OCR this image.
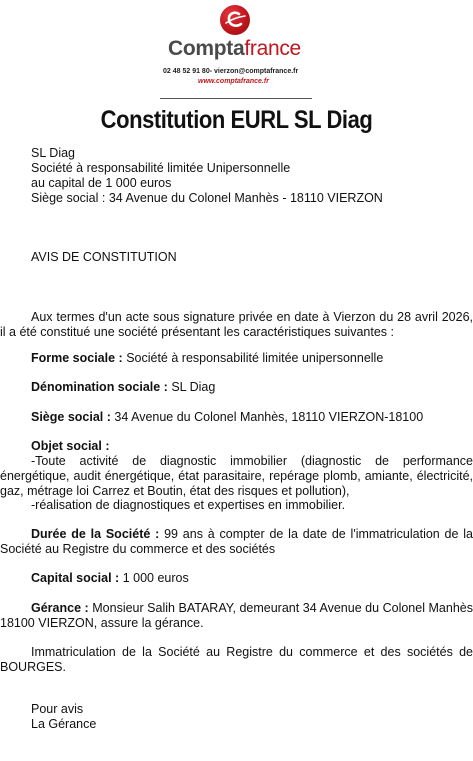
Comptafrance
02 48 52 91 80- vierzon@comptafrance.fr
www.comptafrance.fr
Constitution EURL SL Diag
SL Diag
Société à responsabilité limitée Unipersonnelle
au capital de 1 000 euros
Siège social : 34 Avenue du Colonel Manhès - 18110 VIERZON
AVIS DE CONSTITUTION
Aux termes d'un acte sous signature privée en date à Vierzon du 28 avril 2026, il a été constitué une société présentant les caractéristiques suivantes :
Forme sociale : Société à responsabilité limitée unipersonnelle
Dénomination sociale : SL Diag
Siège social : 34 Avenue du Colonel Manhès, 18110 VIERZON-18100
Objet social :
-Toute activité de diagnostic immobilier (diagnostic de performance énergétique, audit énergétique, état parasitaire, repérage plomb, amiante, électricité, gaz, métrage loi Carrez et Boutin, état des risques et pollution),
-réalisation de diagnostiques et expertises en immobilier.
Durée de la Société : 99 ans à compter de la date de l'immatriculation de la Société au Registre du commerce et des sociétés
Capital social : 1 000 euros
Gérance : Monsieur Salih BATARAY, demeurant 34 Avenue du Colonel Manhès 18100 VIERZON, assure la gérance.
Immatriculation de la Société au Registre du commerce et des sociétés de BOURGES.
Pour avis
La Gérance
